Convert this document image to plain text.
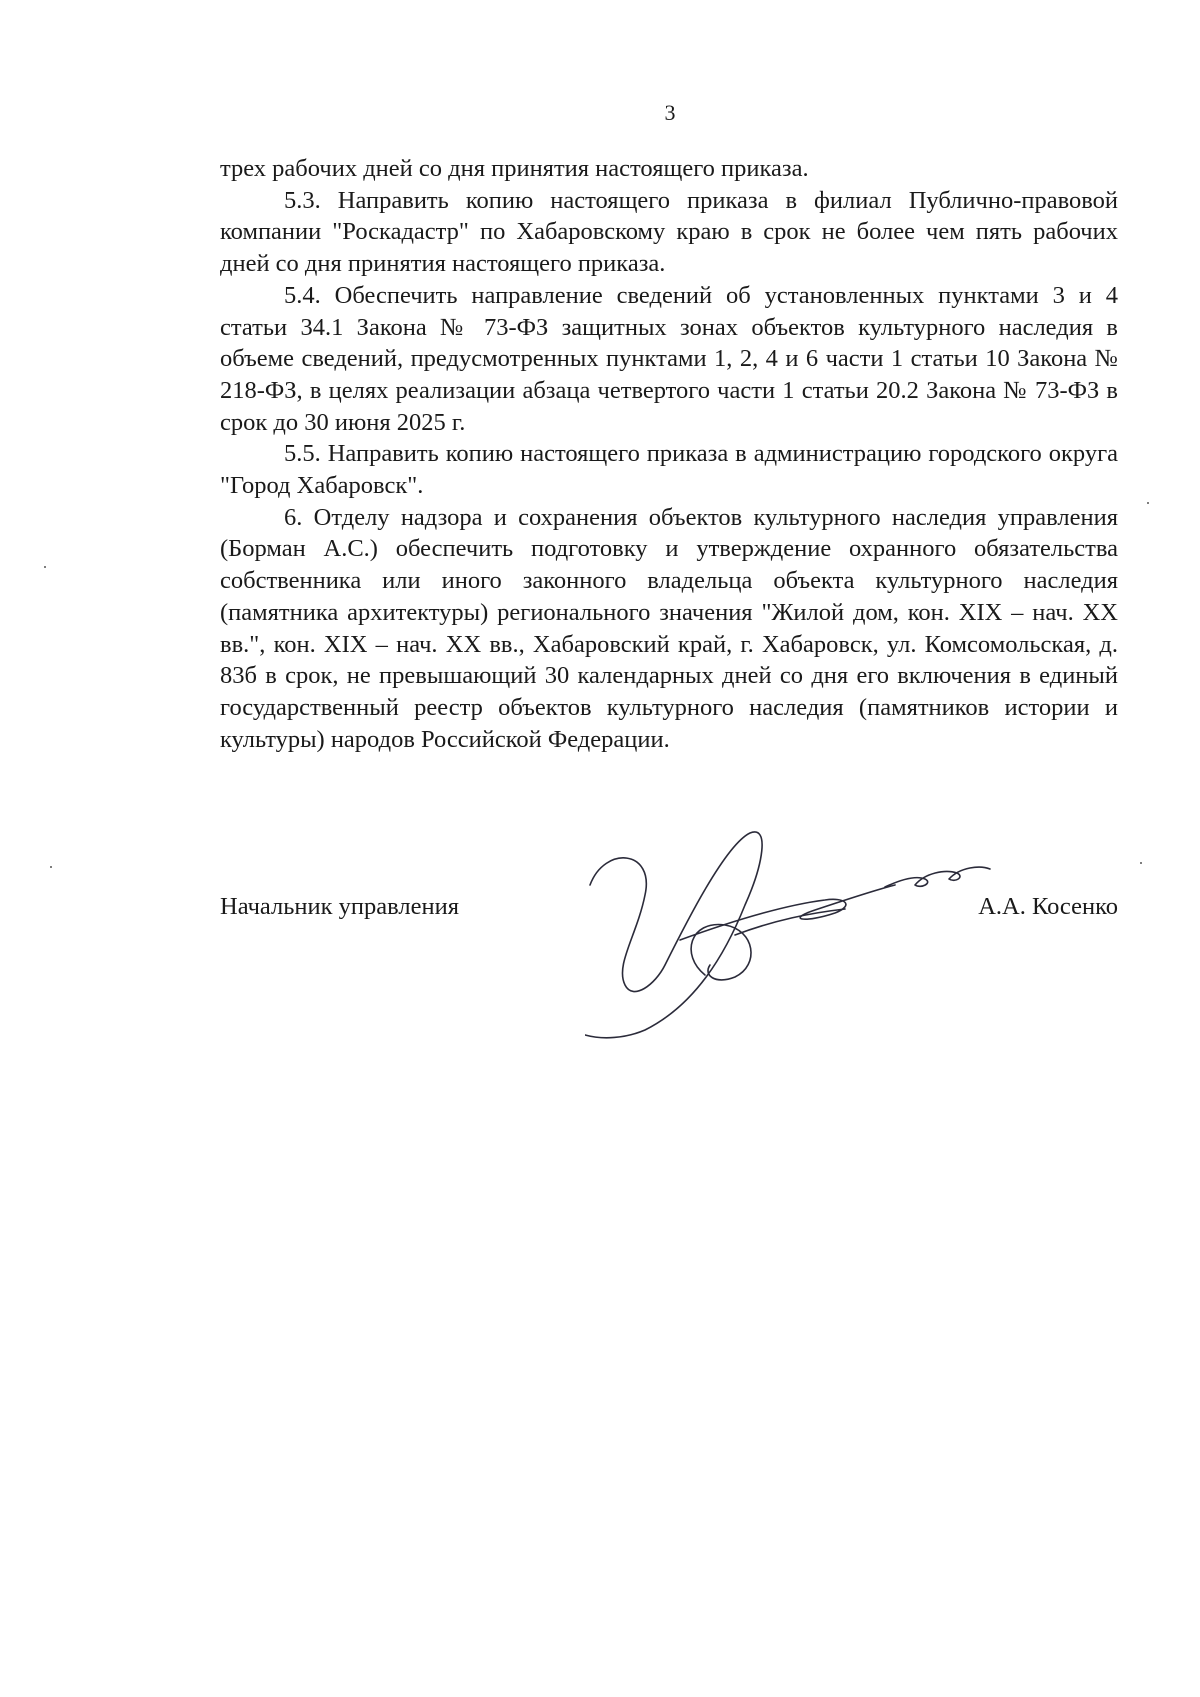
3

трех рабочих дней со дня принятия настоящего приказа.

5.3. Направить копию настоящего приказа в филиал Публично-правовой компании "Роскадастр" по Хабаровскому краю в срок не более чем пять рабочих дней со дня принятия настоящего приказа.

5.4. Обеспечить направление сведений об установленных пунктами 3 и 4 статьи 34.1 Закона № 73-ФЗ защитных зонах объектов культурного наследия в объеме сведений, предусмотренных пунктами 1, 2, 4 и 6 части 1 статьи 10 Закона № 218-ФЗ, в целях реализации абзаца четвертого части 1 статьи 20.2 Закона № 73-ФЗ в срок до 30 июня 2025 г.

5.5. Направить копию настоящего приказа в администрацию городского округа "Город Хабаровск".

6. Отделу надзора и сохранения объектов культурного наследия управления (Борман А.С.) обеспечить подготовку и утверждение охранного обязательства собственника или иного законного владельца объекта культурного наследия (памятника архитектуры) регионального значения "Жилой дом, кон. XIX – нач. XX вв.", кон. XIX – нач. XX вв., Хабаровский край, г. Хабаровск, ул. Комсомольская, д. 83б в срок, не превышающий 30 календарных дней со дня его включения в единый государственный реестр объектов культурного наследия (памятников истории и культуры) народов Российской Федерации.

Начальник управления	А.А. Косенко
